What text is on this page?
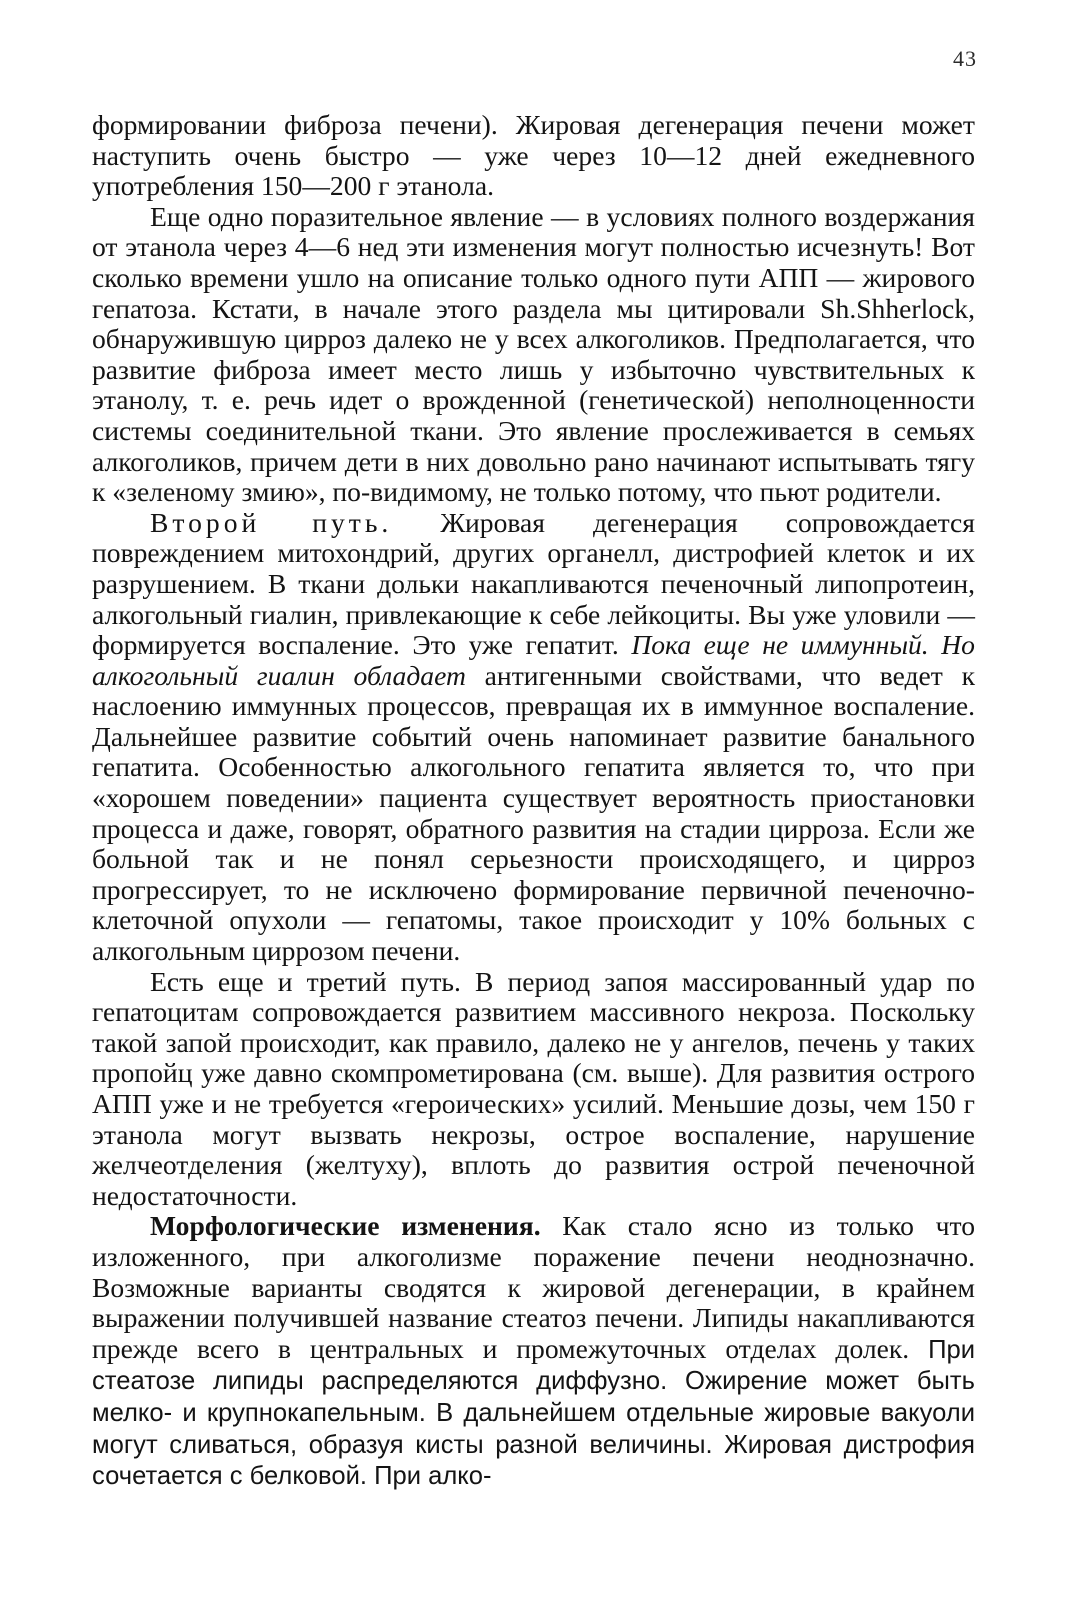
43

формировании фиброза печени). Жировая дегенерация печени может наступить очень быстро — уже через 10—12 дней ежедневного употребления 150—200 г этанола.

Еще одно поразительное явление — в условиях полного воздержания от этанола через 4—6 нед эти изменения могут полностью исчезнуть! Вот сколько времени ушло на описание только одного пути АПП — жирового гепатоза. Кстати, в начале этого раздела мы цитировали Sh.Shherlock, обнаружившую цирроз далеко не у всех алкоголиков. Предполагается, что развитие фиброза имеет место лишь у избыточно чувствительных к этанолу, т. е. речь идет о врожденной (генетической) неполноценности системы соединительной ткани. Это явление прослеживается в семьях алкоголиков, причем дети в них довольно рано начинают испытывать тягу к «зеленому змию», по-видимому, не только потому, что пьют родители.

Второй путь. Жировая дегенерация сопровождается повреждением митохондрий, других органелл, дистрофией клеток и их разрушением. В ткани дольки накапливаются печеночный липопротеин, алкогольный гиалин, привлекающие к себе лейкоциты. Вы уже уловили — формируется воспаление. Это уже гепатит. Пока еще не иммунный. Но алкогольный гиалин обладает антигенными свойствами, что ведет к наслоению иммунных процессов, превращая их в иммунное воспаление. Дальнейшее развитие событий очень напоминает развитие банального гепатита. Особенностью алкогольного гепатита является то, что при «хорошем поведении» пациента существует вероятность приостановки процесса и даже, говорят, обратного развития на стадии цирроза. Если же больной так и не понял серьезности происходящего, и цирроз прогрессирует, то не исключено формирование первичной печеночно-клеточной опухоли — гепатомы, такое происходит у 10% больных с алкогольным циррозом печени.

Есть еще и третий путь. В период запоя массированный удар по гепатоцитам сопровождается развитием массивного некроза. Поскольку такой запой происходит, как правило, далеко не у ангелов, печень у таких пропойц уже давно скомпрометирована (см. выше). Для развития острого АПП уже и не требуется «героических» усилий. Меньшие дозы, чем 150 г этанола могут вызвать некрозы, острое воспаление, нарушение желчеотделения (желтуху), вплоть до развития острой печеночной недостаточности.

Морфологические изменения. Как стало ясно из только что изложенного, при алкоголизме поражение печени неоднозначно. Возможные варианты сводятся к жировой дегенерации, в крайнем выражении получившей название стеатоз печени. Липиды накапливаются прежде всего в центральных и промежуточных отделах долек. При стеатозе липиды распределяются диффузно. Ожирение может быть мелко- и крупнокапельным. В дальнейшем отдельные жировые вакуоли могут сливаться, образуя кисты разной величины. Жировая дистрофия сочетается с белковой. При алко-
